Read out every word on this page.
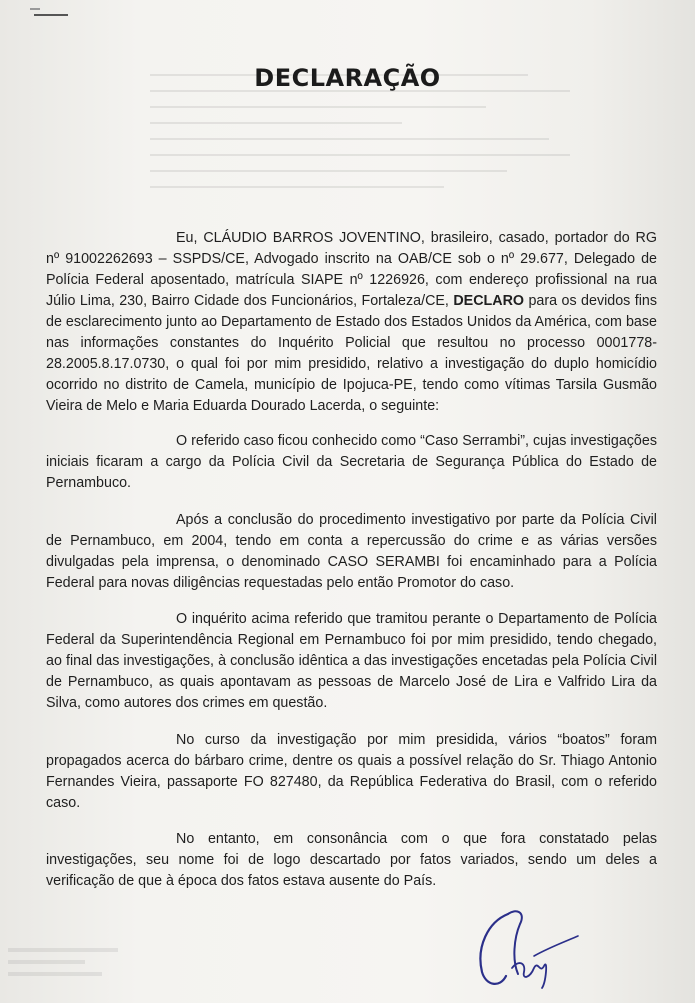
DECLARAÇÃO

Eu, CLÁUDIO BARROS JOVENTINO, brasileiro, casado, portador do RG nº 91002262693 – SSPDS/CE, Advogado inscrito na OAB/CE sob o nº 29.677, Delegado de Polícia Federal aposentado, matrícula SIAPE nº 1226926, com endereço profissional na rua Júlio Lima, 230, Bairro Cidade dos Funcionários, Fortaleza/CE, DECLARO para os devidos fins de esclarecimento junto ao Departamento de Estado dos Estados Unidos da América, com base nas informações constantes do Inquérito Policial que resultou no processo 0001778-28.2005.8.17.0730, o qual foi por mim presidido, relativo a investigação do duplo homicídio ocorrido no distrito de Camela, município de Ipojuca-PE, tendo como vítimas Tarsila Gusmão Vieira de Melo e Maria Eduarda Dourado Lacerda, o seguinte:

O referido caso ficou conhecido como “Caso Serrambi”, cujas investigações iniciais ficaram a cargo da Polícia Civil da Secretaria de Segurança Pública do Estado de Pernambuco.

Após a conclusão do procedimento investigativo por parte da Polícia Civil de Pernambuco, em 2004, tendo em conta a repercussão do crime e as várias versões divulgadas pela imprensa, o denominado CASO SERAMBI foi encaminhado para a Polícia Federal para novas diligências requestadas pelo então Promotor do caso.

O inquérito acima referido que tramitou perante o Departamento de Polícia Federal da Superintendência Regional em Pernambuco foi por mim presidido, tendo chegado, ao final das investigações, à conclusão idêntica a das investigações encetadas pela Polícia Civil de Pernambuco, as quais apontavam as pessoas de Marcelo José de Lira e Valfrido Lira da Silva, como autores dos crimes em questão.

No curso da investigação por mim presidida, vários “boatos” foram propagados acerca do bárbaro crime, dentre os quais a possível relação do Sr. Thiago Antonio Fernandes Vieira, passaporte FO 827480, da República Federativa do Brasil, com o referido caso.

No entanto, em consonância com o que fora constatado pelas investigações, seu nome foi de logo descartado por fatos variados, sendo um deles a verificação de que à época dos fatos estava ausente do País.
